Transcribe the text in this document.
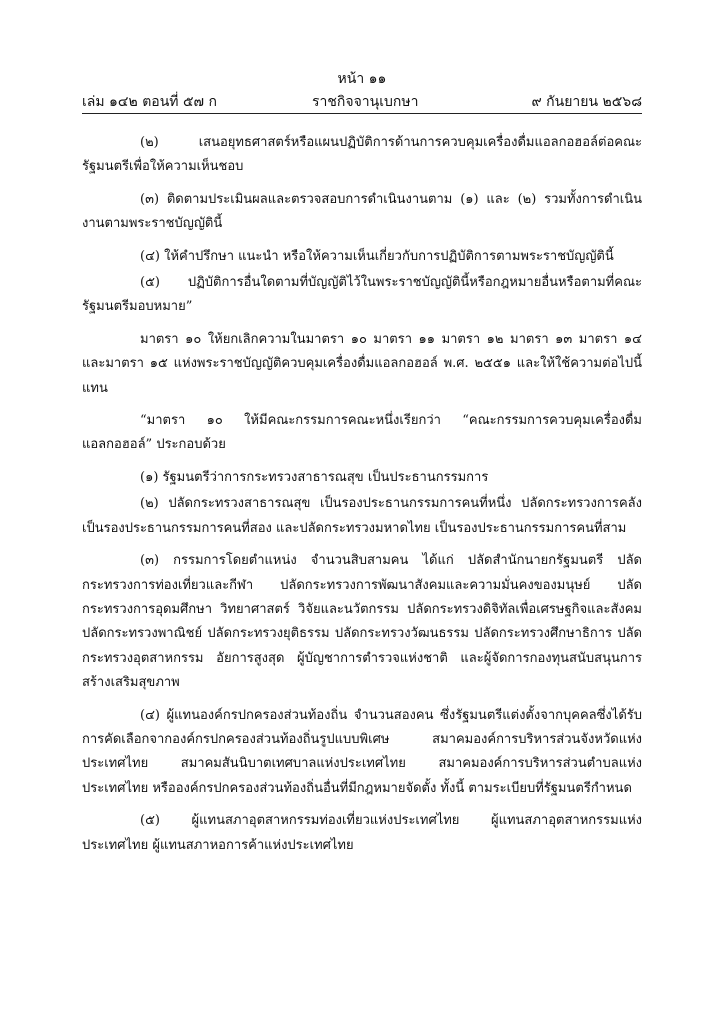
หน้า ๑๑
เล่ม ๑๔๒ ตอนที่ ๕๗ ก	ราชกิจจานุเบกษา	๙ กันยายน ๒๕๖๘

(๒) เสนอยุทธศาสตร์หรือแผนปฏิบัติการด้านการควบคุมเครื่องดื่มแอลกอฮอล์ต่อคณะรัฐมนตรีเพื่อให้ความเห็นชอบ

(๓) ติดตามประเมินผลและตรวจสอบการดำเนินงานตาม (๑) และ (๒) รวมทั้งการดำเนินงานตามพระราชบัญญัตินี้

(๔) ให้คำปรึกษา แนะนำ หรือให้ความเห็นเกี่ยวกับการปฏิบัติการตามพระราชบัญญัตินี้

(๕) ปฏิบัติการอื่นใดตามที่บัญญัติไว้ในพระราชบัญญัตินี้หรือกฎหมายอื่นหรือตามที่คณะรัฐมนตรีมอบหมาย”

มาตรา ๑๐ ให้ยกเลิกความในมาตรา ๑๐ มาตรา ๑๑ มาตรา ๑๒ มาตรา ๑๓ มาตรา ๑๔ และมาตรา ๑๕ แห่งพระราชบัญญัติควบคุมเครื่องดื่มแอลกอฮอล์ พ.ศ. ๒๕๕๑ และให้ใช้ความต่อไปนี้แทน

“มาตรา ๑๐ ให้มีคณะกรรมการคณะหนึ่งเรียกว่า “คณะกรรมการควบคุมเครื่องดื่มแอลกอฮอล์” ประกอบด้วย

(๑) รัฐมนตรีว่าการกระทรวงสาธารณสุข เป็นประธานกรรมการ

(๒) ปลัดกระทรวงสาธารณสุข เป็นรองประธานกรรมการคนที่หนึ่ง ปลัดกระทรวงการคลังเป็นรองประธานกรรมการคนที่สอง และปลัดกระทรวงมหาดไทย เป็นรองประธานกรรมการคนที่สาม

(๓) กรรมการโดยตำแหน่ง จำนวนสิบสามคน ได้แก่ ปลัดสำนักนายกรัฐมนตรี ปลัดกระทรวงการท่องเที่ยวและกีฬา ปลัดกระทรวงการพัฒนาสังคมและความมั่นคงของมนุษย์ ปลัดกระทรวงการอุดมศึกษา วิทยาศาสตร์ วิจัยและนวัตกรรม ปลัดกระทรวงดิจิทัลเพื่อเศรษฐกิจและสังคม ปลัดกระทรวงพาณิชย์ ปลัดกระทรวงยุติธรรม ปลัดกระทรวงวัฒนธรรม ปลัดกระทรวงศึกษาธิการ ปลัดกระทรวงอุตสาหกรรม อัยการสูงสุด ผู้บัญชาการตำรวจแห่งชาติ และผู้จัดการกองทุนสนับสนุนการสร้างเสริมสุขภาพ

(๔) ผู้แทนองค์กรปกครองส่วนท้องถิ่น จำนวนสองคน ซึ่งรัฐมนตรีแต่งตั้งจากบุคคลซึ่งได้รับการคัดเลือกจากองค์กรปกครองส่วนท้องถิ่นรูปแบบพิเศษ สมาคมองค์การบริหารส่วนจังหวัดแห่งประเทศไทย สมาคมสันนิบาตเทศบาลแห่งประเทศไทย สมาคมองค์การบริหารส่วนตำบลแห่งประเทศไทย หรือองค์กรปกครองส่วนท้องถิ่นอื่นที่มีกฎหมายจัดตั้ง ทั้งนี้ ตามระเบียบที่รัฐมนตรีกำหนด

(๕) ผู้แทนสภาอุตสาหกรรมท่องเที่ยวแห่งประเทศไทย ผู้แทนสภาอุตสาหกรรมแห่งประเทศไทย ผู้แทนสภาหอการค้าแห่งประเทศไทย
